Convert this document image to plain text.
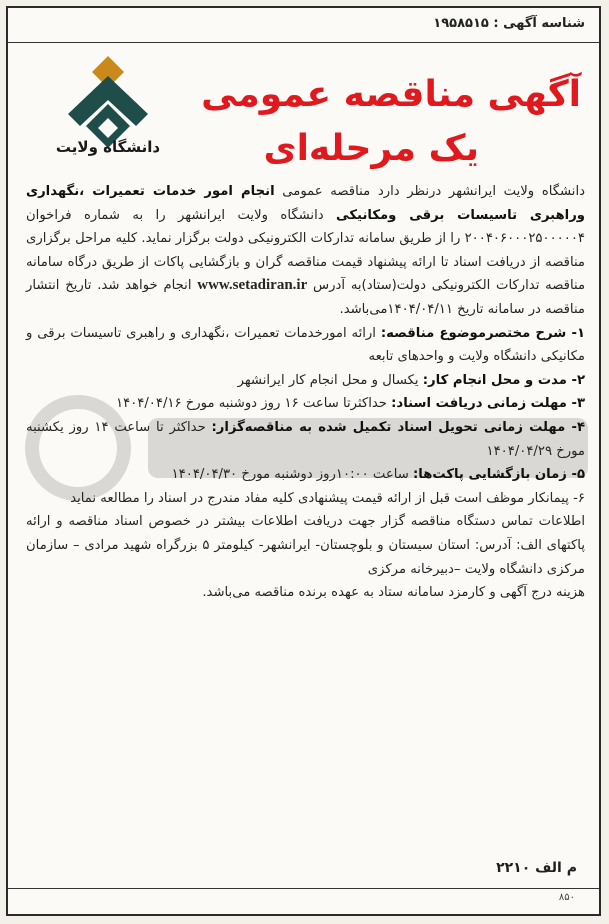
شناسه آگهی : ۱۹۵۸۵۱۵
دانشگاه ولایت
آگهی مناقصه عمومی
یک مرحله‌ای

دانشگاه ولایت ایرانشهر درنظر دارد مناقصه عمومی انجام امور خدمات تعمیرات ،نگهداری وراهبری تاسیسات برقی ومکانیکی دانشگاه ولایت ایرانشهر را به شماره فراخوان ۲۰۰۴۰۶۰۰۰۲۵۰۰۰۰۰۴ را از طریق سامانه تدارکات الکترونیکی دولت برگزار نماید. کلیه مراحل برگزاری مناقصه از دریافت اسناد تا ارائه پیشنهاد قیمت مناقصه گران و بازگشایی پاکات از طریق درگاه سامانه مناقصه تدارکات الکترونیکی دولت(ستاد)به آدرس www.setadiran.ir انجام خواهد شد. تاریخ انتشار مناقصه در سامانه تاریخ ۱۴۰۴/۰۴/۱۱می‌باشد.

۱- شرح مختصرموضوع مناقصه: ارائه امورخدمات تعمیرات ،نگهداری و راهبری تاسیسات برقی و مکانیکی دانشگاه ولایت و واحدهای تابعه

۲- مدت و محل انجام کار: یکسال و محل انجام کار ایرانشهر

۳- مهلت زمانی دریافت اسناد: حداکثرتا ساعت ۱۶ روز دوشنبه مورخ ۱۴۰۴/۰۴/۱۶

۴- مهلت زمانی تحویل اسناد تکمیل شده به مناقصه‌گزار: حداکثر تا ساعت ۱۴ روز یکشنبه مورخ ۱۴۰۴/۰۴/۲۹

۵- زمان بازگشایی پاکت‌ها: ساعت ۱۰:۰۰روز دوشنبه مورخ ۱۴۰۴/۰۴/۳۰

۶- پیمانکار موظف است قبل از ارائه قیمت پیشنهادی کلیه مفاد مندرج در اسناد را مطالعه نماید

اطلاعات تماس دستگاه مناقصه گزار جهت دریافت اطلاعات بیشتر در خصوص اسناد مناقصه و ارائه پاکتهای الف: آدرس: استان سیستان و بلوچستان- ایرانشهر- کیلومتر ۵ بزرگراه شهید مرادی – سازمان مرکزی دانشگاه ولایت –دبیرخانه مرکزی

هزینه درج آگهی و کارمزد سامانه ستاد به عهده برنده مناقصه می‌باشد.

م الف ۲۲۱۰
۸۵۰
